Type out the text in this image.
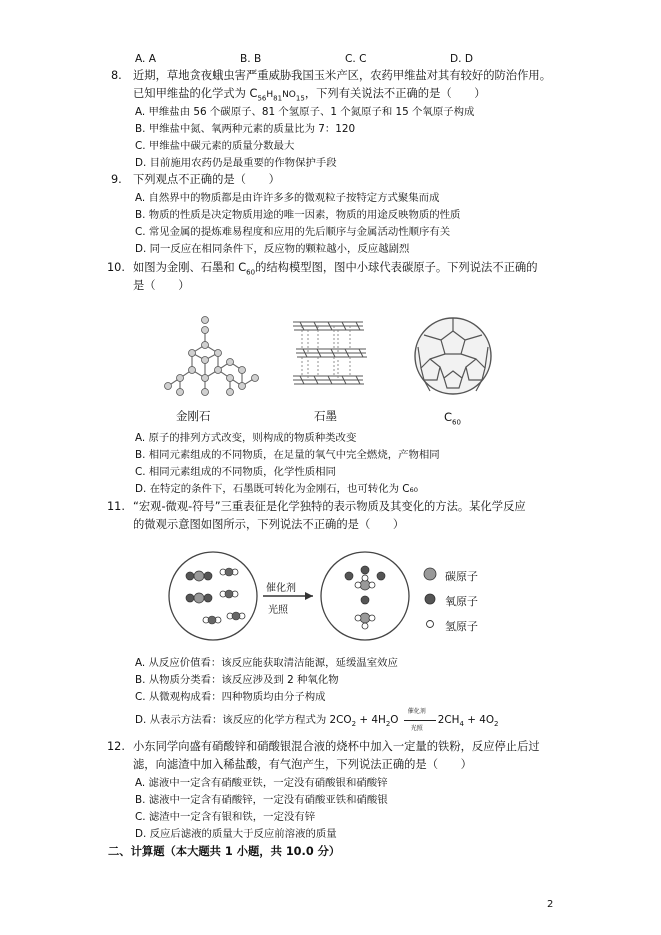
A. A	B. B	C. C	D. D
8. 近期，草地贪夜蛾虫害严重威胁我国玉米产区，农药甲维盐对其有较好的防治作用。
已知甲维盐的化学式为 $C_{56}H_{81}NO_{15}$，下列有关说法不正确的是（　　）
A. 甲维盐由 56 个碳原子、81 个氢原子、1 个氮原子和 15 个氧原子构成
B. 甲维盐中氮、氧两种元素的质量比为 7：120
C. 甲维盐中碳元素的质量分数最大
D. 目前施用农药仍是最重要的作物保护手段
9. 下列观点不正确的是（　　）
A. 自然界中的物质都是由许许多多的微观粒子按特定方式聚集而成
B. 物质的性质是决定物质用途的唯一因素，物质的用途反映物质的性质
C. 常见金属的提炼难易程度和应用的先后顺序与金属活动性顺序有关
D. 同一反应在相同条件下，反应物的颗粒越小，反应越剧烈
10. 如图为金刚、石墨和 $C_{60}$的结构模型图，图中小球代表碳原子。下列说法不正确的
是（　　）
金刚石	石墨	$C_{60}$
A. 原子的排列方式改变，则构成的物质种类改变
B. 相同元素组成的不同物质，在足量的氧气中完全燃烧，产物相同
C. 相同元素组成的不同物质，化学性质相同
D. 在特定的条件下，石墨既可转化为金刚石，也可转化为 C₆₀
11. “宏观-微观-符号”三重表征是化学独特的表示物质及其变化的方法。某化学反应
的微观示意图如图所示，下列说法不正确的是（　　）
催化剂
光照
碳原子
氧原子
氢原子
A. 从反应价值看：该反应能获取清洁能源，延缓温室效应
B. 从物质分类看：该反应涉及到 2 种氧化物
C. 从微观构成看：四种物质均由分子构成
D. 从表示方法看：该反应的化学方程式为 $2CO_2 + 4H_2O$
催化剂
光照
$2CH_4 + 4O_2$
12. 小东同学向盛有硝酸锌和硝酸银混合液的烧杯中加入一定量的铁粉，反应停止后过
滤，向滤渣中加入稀盐酸，有气泡产生，下列说法正确的是（　　）
A. 滤液中一定含有硝酸亚铁，一定没有硝酸银和硝酸锌
B. 滤液中一定含有硝酸锌，一定没有硝酸亚铁和硝酸银
C. 滤渣中一定含有银和铁，一定没有锌
D. 反应后滤液的质量大于反应前溶液的质量
二、计算题（本大题共 1 小题，共 10.0 分）
2
